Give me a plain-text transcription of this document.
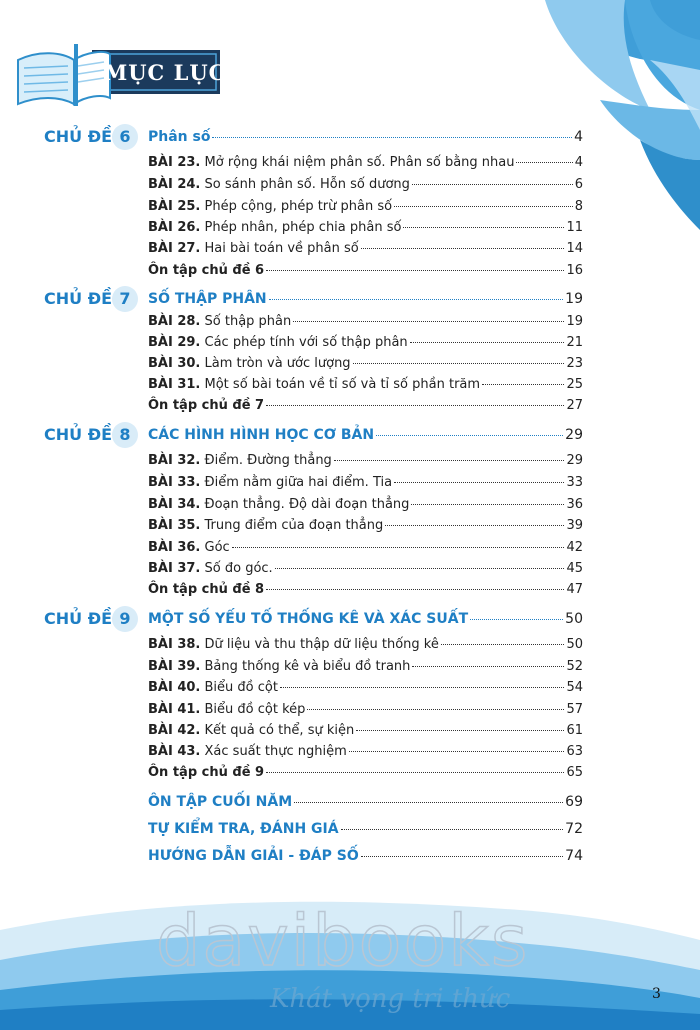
MỤC LỤC
CHỦ ĐỀ 6	Phân số	4
BÀI 23. Mở rộng khái niệm phân số. Phân số bằng nhau	4
BÀI 24. So sánh phân số. Hỗn số dương	6
BÀI 25. Phép cộng, phép trừ phân số	8
BÀI 26. Phép nhân, phép chia phân số	11
BÀI 27. Hai bài toán về phân số	14
Ôn tập chủ đề 6	16
CHỦ ĐỀ 7	SỐ THẬP PHÂN	19
BÀI 28. Số thập phân	19
BÀI 29. Các phép tính với số thập phân	21
BÀI 30. Làm tròn và ước lượng	23
BÀI 31. Một số bài toán về tỉ số và tỉ số phần trăm	25
Ôn tập chủ đề 7	27
CHỦ ĐỀ 8	CÁC HÌNH HÌNH HỌC CƠ BẢN	29
BÀI 32. Điểm. Đường thẳng	29
BÀI 33. Điểm nằm giữa hai điểm. Tia	33
BÀI 34. Đoạn thẳng. Độ dài đoạn thẳng	36
BÀI 35. Trung điểm của đoạn thẳng	39
BÀI 36. Góc	42
BÀI 37. Số đo góc.	45
Ôn tập chủ đề 8	47
CHỦ ĐỀ 9	MỘT SỐ YẾU TỐ THỐNG KÊ VÀ XÁC SUẤT	50
BÀI 38. Dữ liệu và thu thập dữ liệu thống kê	50
BÀI 39. Bảng thống kê và biểu đồ tranh	52
BÀI 40. Biểu đồ cột	54
BÀI 41. Biểu đồ cột kép	57
BÀI 42. Kết quả có thể, sự kiện	61
BÀI 43. Xác suất thực nghiệm	63
Ôn tập chủ đề 9	65
ÔN TẬP CUỐI NĂM	69
TỰ KIỂM TRA, ĐÁNH GIÁ	72
HƯỚNG DẪN GIẢI - ĐÁP SỐ	74
davibooks
Khát vọng tri thức	3
